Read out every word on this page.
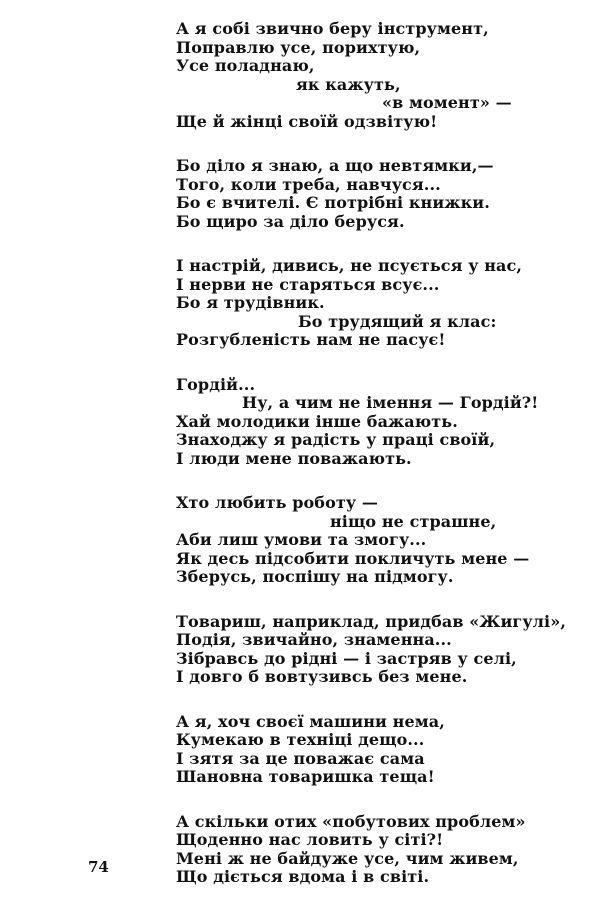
А я собі звично беру інструмент,
Поправлю усе, порихтую,
Усе поладнаю,
як кажуть,
«в момент» —
Ще й жінці своїй одзвітую!
Бо діло я знаю, а що невтямки,—
Того, коли треба, навчуся...
Бо є вчителі. Є потрібні книжки.
Бо щиро за діло беруся.
І настрій, дивись, не псується у нас,
І нерви не старяться всує...
Бо я трудівник.
Бо трудящий я клас:
Розгубленість нам не пасує!
Гордій...
Ну, а чим не імення — Гордій?!
Хай молодики інше бажають.
Знаходжу я радість у праці своїй,
І люди мене поважають.
Хто любить роботу —
ніщо не страшне,
Аби лиш умови та змогу...
Як десь підсобити покличуть мене —
Зберусь, поспішу на підмогу.
Товариш, наприклад, придбав «Жигулі»,
Подія, звичайно, знаменна...
Зібравсь до рідні — і застряв у селі,
І довго б вовтузивсь без мене.
А я, хоч своєї машини нема,
Кумекаю в техніці дещо...
І зятя за це поважає сама
Шановна товаришка теща!
А скільки отих «побутових проблем»
Щоденно нас ловить у сіті?!
Мені ж не байдуже усе, чим живем,
Що діється вдома і в світі.
74
